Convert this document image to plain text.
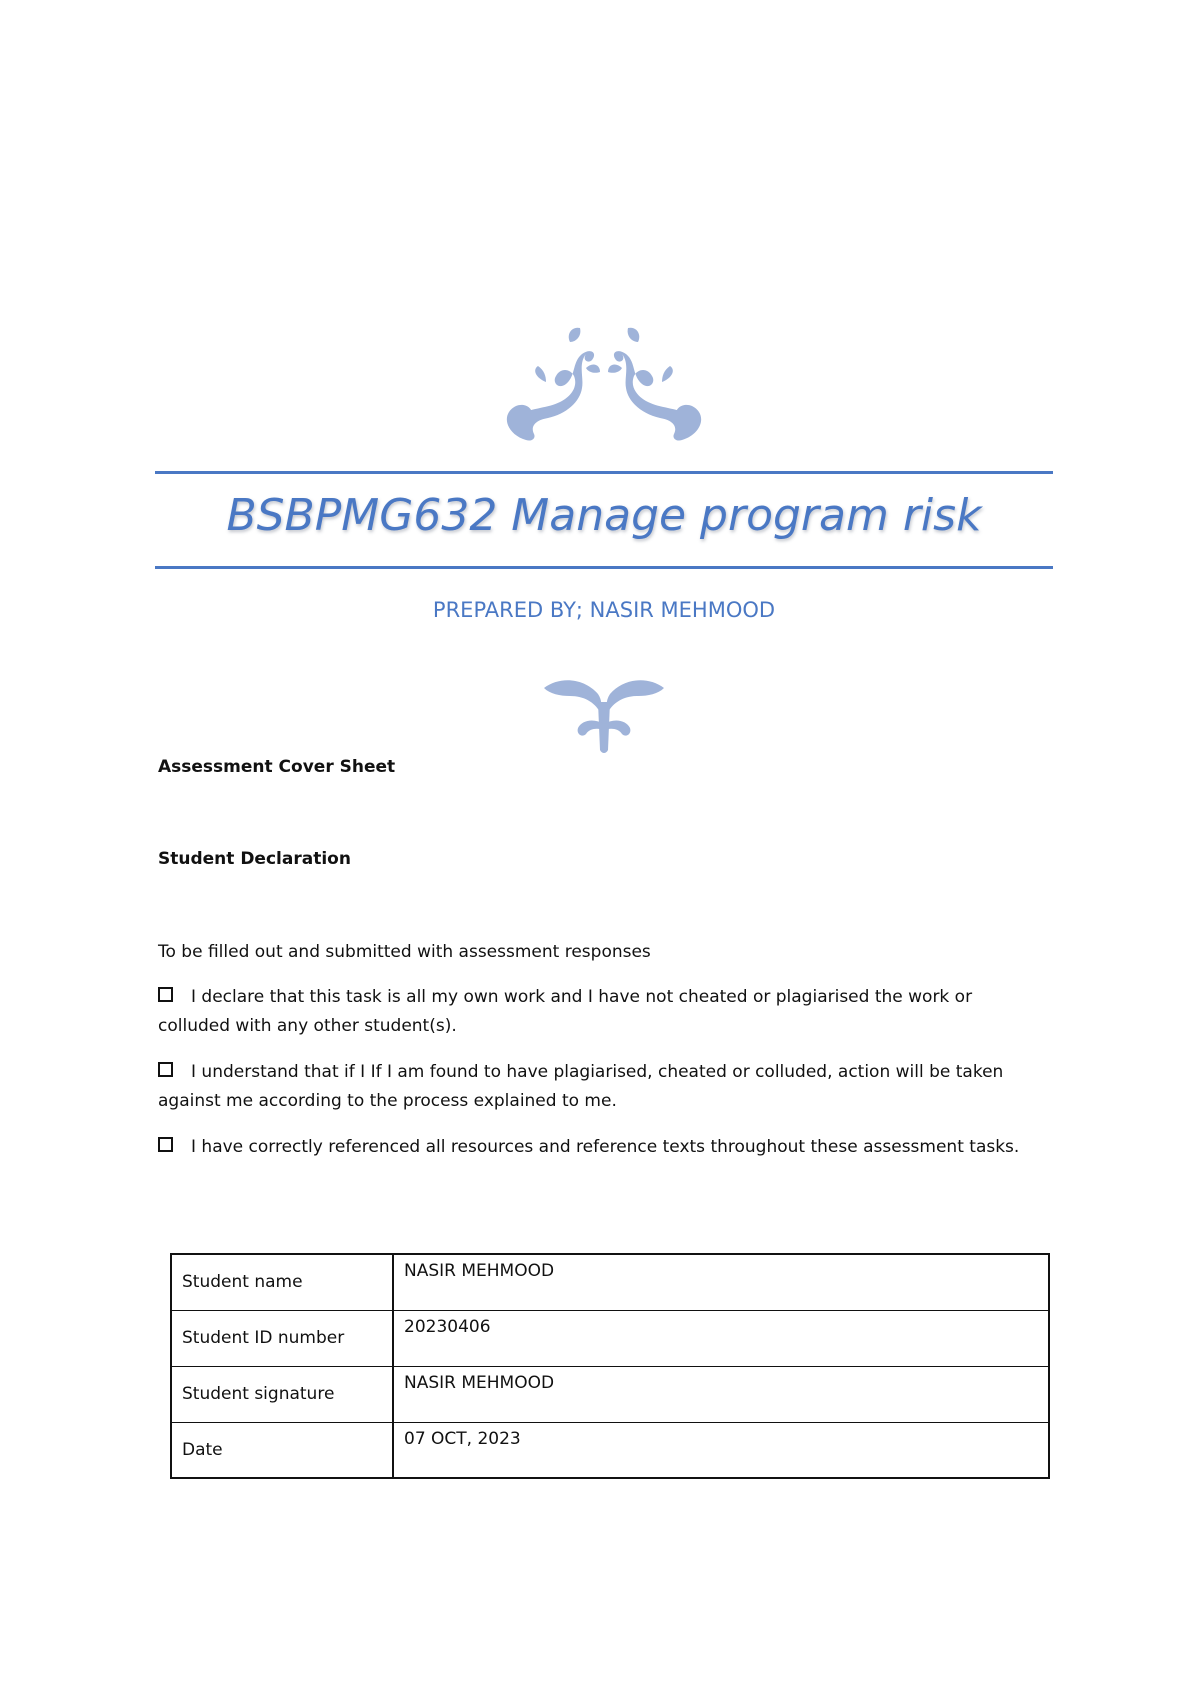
BSBPMG632 Manage program risk
PREPARED BY; NASIR MEHMOOD
Assessment Cover Sheet
Student Declaration
To be filled out and submitted with assessment responses
I declare that this task is all my own work and I have not cheated or plagiarised the work or colluded with any other student(s).
I understand that if I If I am found to have plagiarised, cheated or colluded, action will be taken against me according to the process explained to me.
I have correctly referenced all resources and reference texts throughout these assessment tasks.
Student name	NASIR MEHMOOD
Student ID number	20230406
Student signature	NASIR MEHMOOD
Date	07 OCT, 2023
